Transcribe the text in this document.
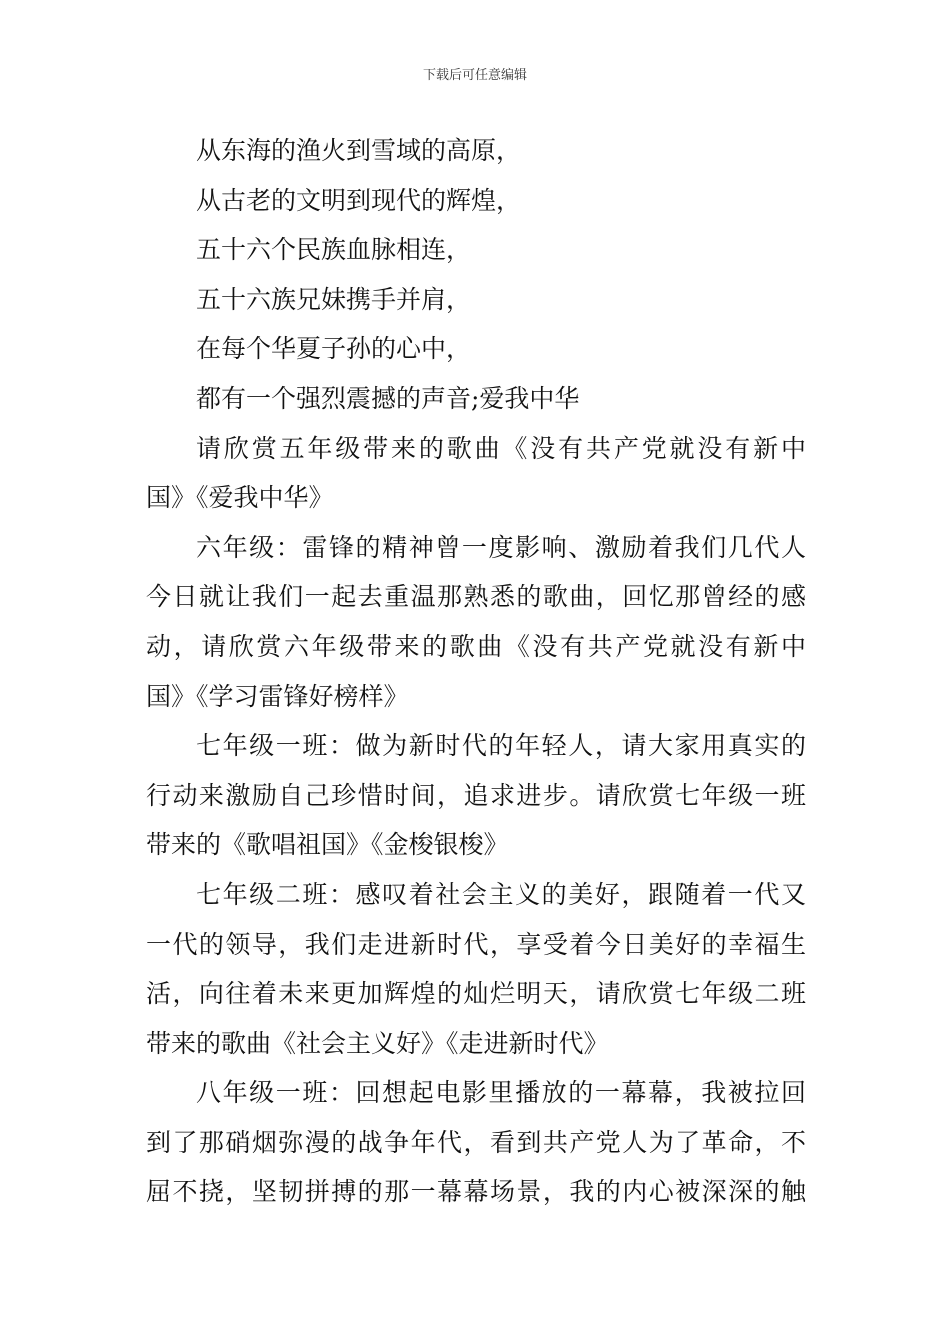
下载后可任意编辑
从东海的渔火到雪域的高原，
从古老的文明到现代的辉煌，
五十六个民族血脉相连，
五十六族兄妹携手并肩，
在每个华夏子孙的心中，
都有一个强烈震撼的声音;爱我中华

请欣赏五年级带来的歌曲《没有共产党就没有新中
国》《爱我中华》

六年级：雷锋的精神曾一度影响、激励着我们几代人
今日就让我们一起去重温那熟悉的歌曲，回忆那曾经的感
动，请欣赏六年级带来的歌曲《没有共产党就没有新中
国》《学习雷锋好榜样》

七年级一班：做为新时代的年轻人，请大家用真实的
行动来激励自己珍惜时间，追求进步。请欣赏七年级一班
带来的《歌唱祖国》《金梭银梭》

七年级二班：感叹着社会主义的美好，跟随着一代又
一代的领导，我们走进新时代，享受着今日美好的幸福生
活，向往着未来更加辉煌的灿烂明天，请欣赏七年级二班
带来的歌曲《社会主义好》《走进新时代》

八年级一班：回想起电影里播放的一幕幕，我被拉回
到了那硝烟弥漫的战争年代，看到共产党人为了革命，不
屈不挠，坚韧拼搏的那一幕幕场景，我的内心被深深的触
